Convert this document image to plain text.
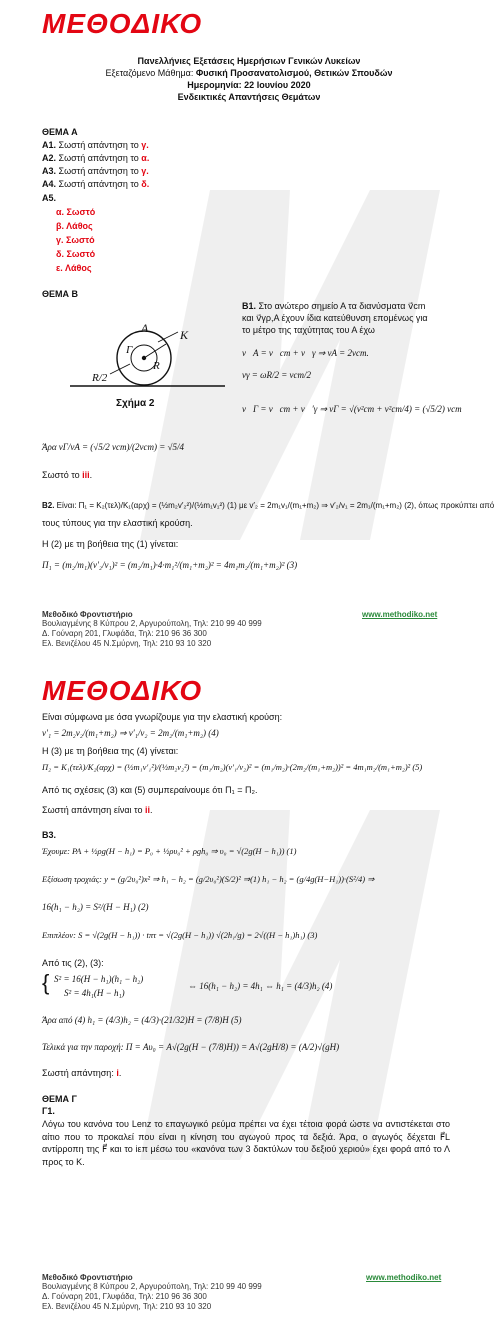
ΜΕΘΟΔΙΚΟ
Πανελλήνιες Εξετάσεις Ημερήσιων Γενικών Λυκείων
Εξεταζόμενο Μάθημα: Φυσική Προσανατολισμού, Θετικών Σπουδών
Ημερομηνία: 22 Ιουνίου 2020
Ενδεικτικές Απαντήσεις Θεμάτων
ΘΕΜΑ Α
Α1. Σωστή απάντηση το γ.
Α2. Σωστή απάντηση το α.
Α3. Σωστή απάντηση το γ.
Α4. Σωστή απάντηση το δ.
Α5.
α. Σωστό
β. Λάθος
γ. Σωστό
δ. Σωστό
ε. Λάθος
ΘΕΜΑ Β
A	K
Γ
R
R/2
Σχήμα 2
Β1. Στο ανώτερο σημείο Α τα διανύσματα v⃗cm
και v⃗γρ,Α έχουν ίδια κατεύθυνση επομένως για
το μέτρο της ταχύτητας του Α έχω
v⃗A = v⃗cm + v⃗γ ⇒ vA = 2vcm.
vγ = ωR/2 = vcm/2
v⃗Γ = v⃗cm + v⃗′γ ⇒ vΓ = √(v²cm + v²cm/4) = (√5/2) vcm
Άρα vΓ/vA = (√5/2 vcm)/(2vcm) = √5/4
Σωστό το iii.
Β2. Είναι: Π₁ = K₂(τελ)/K₁(αρχ) = (½m₂v′₂²)/(½m₁v₁²) (1) με v′₂ = 2m₁v₁/(m₁+m₂) ⇒ v′₂/v₁ = 2m₁/(m₁+m₂) (2), όπως προκύπτει από
τους τύπους για την ελαστική κρούση.
Η (2) με τη βοήθεια της (1) γίνεται:
Π₁ = (m₂/m₁)(v′₂/v₁)² = (m₂/m₁)·4·m₁²/(m₁+m₂)² = 4m₁m₂/(m₁+m₂)² (3)
Μεθοδικό Φροντιστήριο
Βουλιαγμένης 8 Κύπρου 2, Αργυρούπολη, Τηλ: 210 99 40 999
Δ. Γούναρη 201, Γλυφάδα, Τηλ: 210 96 36 300
Ελ. Βενιζέλου 45 Ν.Σμύρνη, Τηλ: 210 93 10 320
www.methodiko.net
ΜΕΘΟΔΙΚΟ
Είναι σύμφωνα με όσα γνωρίζουμε για την ελαστική κρούση:
v′₁ = 2m₂v₂/(m₁+m₂) ⇒ v′₁/v₂ = 2m₂/(m₁+m₂) (4)
Η (3) με τη βοήθεια της (4) γίνεται:
Π₂ = K₁(τελ)/K₂(αρχ) = (½m₁v′₁²)/(½m₂v₂²) = (m₁/m₂)(v′₁/v₂)² = (m₁/m₂)·(2m₂/(m₁+m₂))² = 4m₁m₂/(m₁+m₂)² (5)
Από τις σχέσεις (3) και (5) συμπεραίνουμε ότι Π₁ = Π₂.
Σωστή απάντηση είναι το ii.
Β3.
Έχουμε: PA + ½ρg(H − h₁) = P₀ + ½ρυ₀² + ρgh₀ ⇒ υ₀ = √(2g(H − h₁)) (1)
Εξίσωση τροχιάς: y = (g/2υ₀²)x² ⇒ h₁ − h₂ = (g/2υ₀²)(S/2)² ⇒(1) h₁ − h₂ = (g/4g(H−H₁))·(S²/4) ⇒
16(h₁ − h₂) = S²/(H − H₁) (2)
Επιπλέον: S = √(2g(H − h₁)) · tπτ = √(2g(H − h₁)) √(2h₁/g) = 2√((H − h₁)h₁) (3)
Από τις (2), (3):
{ S² = 16(H − h₁)(h₁ − h₂)
S² = 4h₁(H − h₁)
⇔ 16(h₁ − h₂) = 4h₁ ⇔ h₁ = (4/3)h₂ (4)
Άρα από (4) h₁ = (4/3)h₂ = (4/3)·(21/32)H = (7/8)H (5)
Τελικά για την παροχή: Π = Aυ₀ = A√(2g(H − (7/8)H)) = A√(2gH/8) = (A/2)√(gH)
Σωστή απάντηση: i.
ΘΕΜΑ Γ
Γ1.
Λόγω του κανόνα του Lenz το επαγωγικό ρεύμα πρέπει να έχει τέτοια φορά ώστε να αντιστέκεται στο αίτιο που το προκαλεί που είναι η κίνηση του αγωγού προς τα δεξιά. Άρα, ο αγωγός δέχεται F⃗L αντίρροπη της F⃗ και το iεπ μέσω του «κανόνα των 3 δακτύλων του δεξιού χεριού» έχει φορά από το Λ προς το Κ.
Μεθοδικό Φροντιστήριο
Βουλιαγμένης 8 Κύπρου 2, Αργυρούπολη, Τηλ: 210 99 40 999
Δ. Γούναρη 201, Γλυφάδα, Τηλ: 210 96 36 300
Ελ. Βενιζέλου 45 Ν.Σμύρνη, Τηλ: 210 93 10 320
www.methodiko.net
